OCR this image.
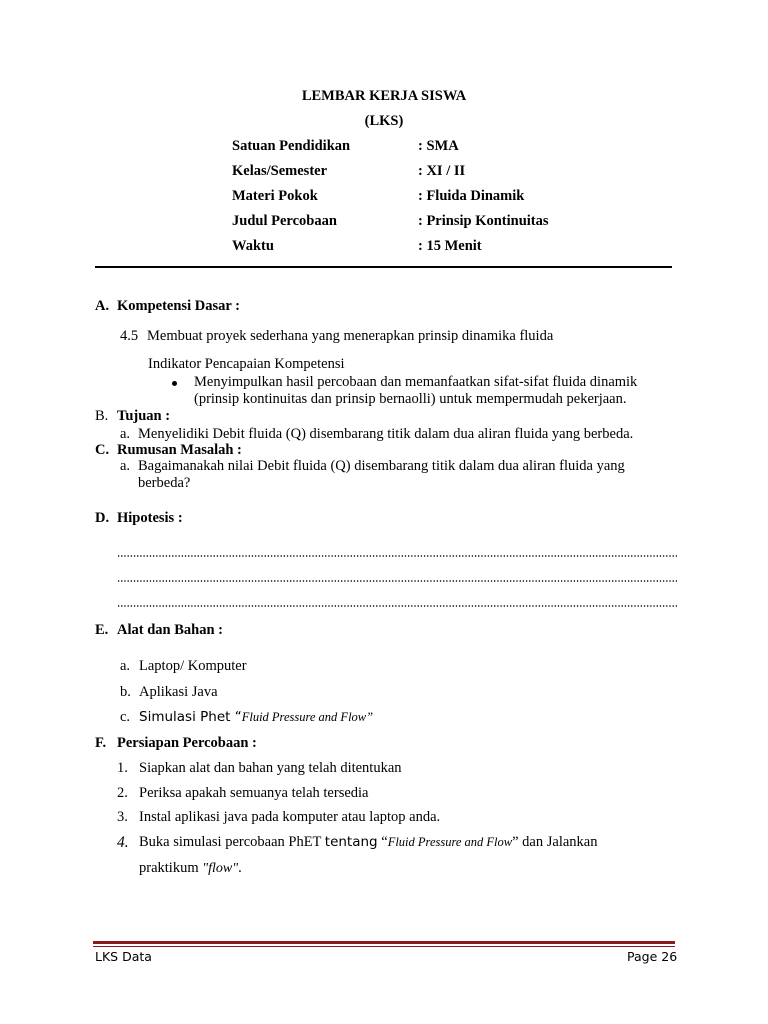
LEMBAR KERJA SISWA
(LKS)
Satuan Pendidikan	: SMA
Kelas/Semester	: XI / II
Materi Pokok	: Fluida Dinamik
Judul Percobaan	: Prinsip Kontinuitas
Waktu	: 15 Menit
A. Kompetensi Dasar :
4.5 Membuat proyek sederhana yang menerapkan prinsip dinamika fluida
Indikator Pencapaian Kompetensi
Menyimpulkan hasil percobaan dan memanfaatkan sifat-sifat fluida dinamik
(prinsip kontinuitas dan prinsip bernaolli) untuk mempermudah pekerjaan.
B. Tujuan :
a. Menyelidiki Debit fluida (Q) disembarang titik dalam dua aliran fluida yang berbeda.
C. Rumusan Masalah :
a. Bagaimanakah nilai Debit fluida (Q) disembarang titik dalam dua aliran fluida yang
berbeda?
D. Hipotesis :
E. Alat dan Bahan :
a. Laptop/ Komputer
b. Aplikasi Java
c. Simulasi Phet “Fluid Pressure and Flow”
F. Persiapan Percobaan :
1. Siapkan alat dan bahan yang telah ditentukan
2. Periksa apakah semuanya telah tersedia
3. Instal aplikasi java pada komputer atau laptop anda.
4. Buka simulasi percobaan PhET tentang “Fluid Pressure and Flow” dan Jalankan
praktikum "flow".
LKS Data	Page 26
